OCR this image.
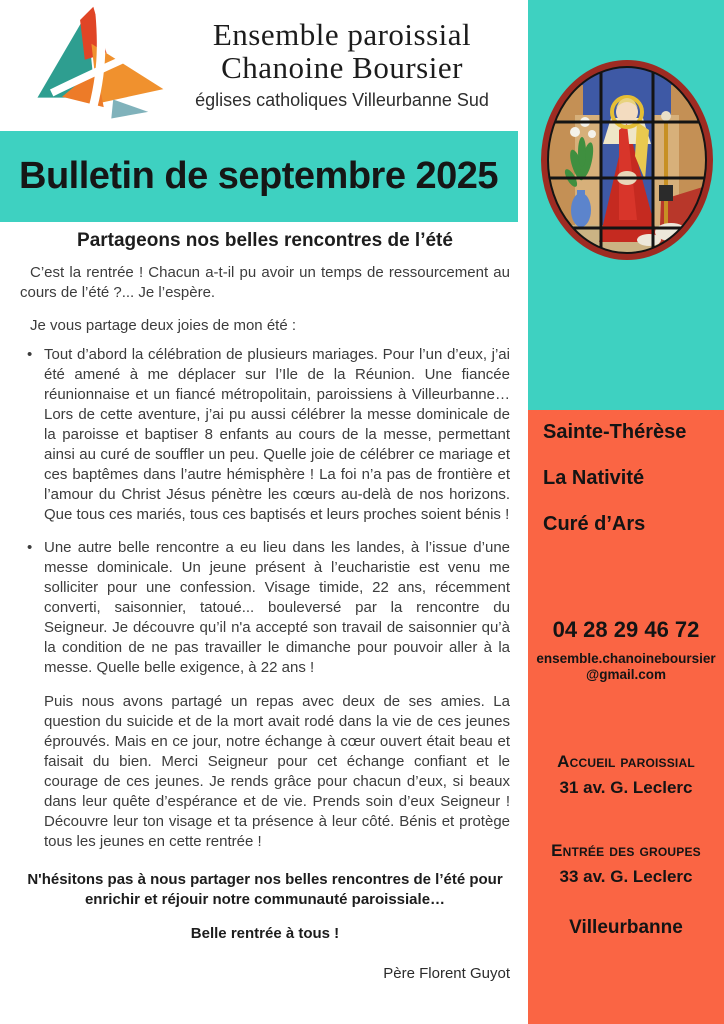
Sainte-Thérèse
La Nativité
Curé d’Ars
04 28 29 46 72
ensemble.chanoineboursier
@gmail.com
Accueil paroissial
31 av. G. Leclerc
Entrée des groupes
33 av. G. Leclerc
Villeurbanne
Ensemble paroissial
Chanoine Boursier
églises catholiques Villeurbanne Sud
Bulletin de septembre 2025
Partageons nos belles rencontres de l’été

C’est la rentrée ! Chacun a-t-il pu avoir un temps de ressourcement au cours de l’été ?... Je l’espère.

Je vous partage deux joies de mon été :

• Tout d’abord la célébration de plusieurs mariages. Pour l’un d’eux, j’ai été amené à me déplacer sur l’Ile de la Réunion. Une fiancée réunionnaise et un fiancé métropolitain, paroissiens à Villeurbanne… Lors de cette aventure, j’ai pu aussi célébrer la messe dominicale de la paroisse et baptiser 8 enfants au cours de la messe, permettant ainsi au curé de souffler un peu. Quelle joie de célébrer ce mariage et ces baptêmes dans l’autre hémisphère ! La foi n’a pas de frontière et l’amour du Christ Jésus pénètre les cœurs au-delà de nos horizons. Que tous ces mariés, tous ces baptisés et leurs proches soient bénis !
• Une autre belle rencontre a eu lieu dans les landes, à l’issue d’une messe dominicale. Un jeune présent à l’eucharistie est venu me solliciter pour une confession. Visage timide, 22 ans, récemment converti, saisonnier, tatoué... bouleversé par la rencontre du Seigneur. Je découvre qu’il n'a accepté son travail de saisonnier qu’à la condition de ne pas travailler le dimanche pour pouvoir aller à la messe. Quelle belle exigence, à 22 ans !

Puis nous avons partagé un repas avec deux de ses amies. La question du suicide et de la mort avait rodé dans la vie de ces jeunes éprouvés. Mais en ce jour, notre échange à cœur ouvert était beau et faisait du bien. Merci Seigneur pour cet échange confiant et le courage de ces jeunes. Je rends grâce pour chacun d’eux, si beaux dans leur quête d’espérance et de vie. Prends soin d’eux Seigneur ! Découvre leur ton visage et ta présence à leur côté. Bénis et protège tous les jeunes en cette rentrée !

N'hésitons pas à nous partager nos belles rencontres de l’été pour enrichir et réjouir notre communauté paroissiale…

Belle rentrée à tous !

Père Florent Guyot
